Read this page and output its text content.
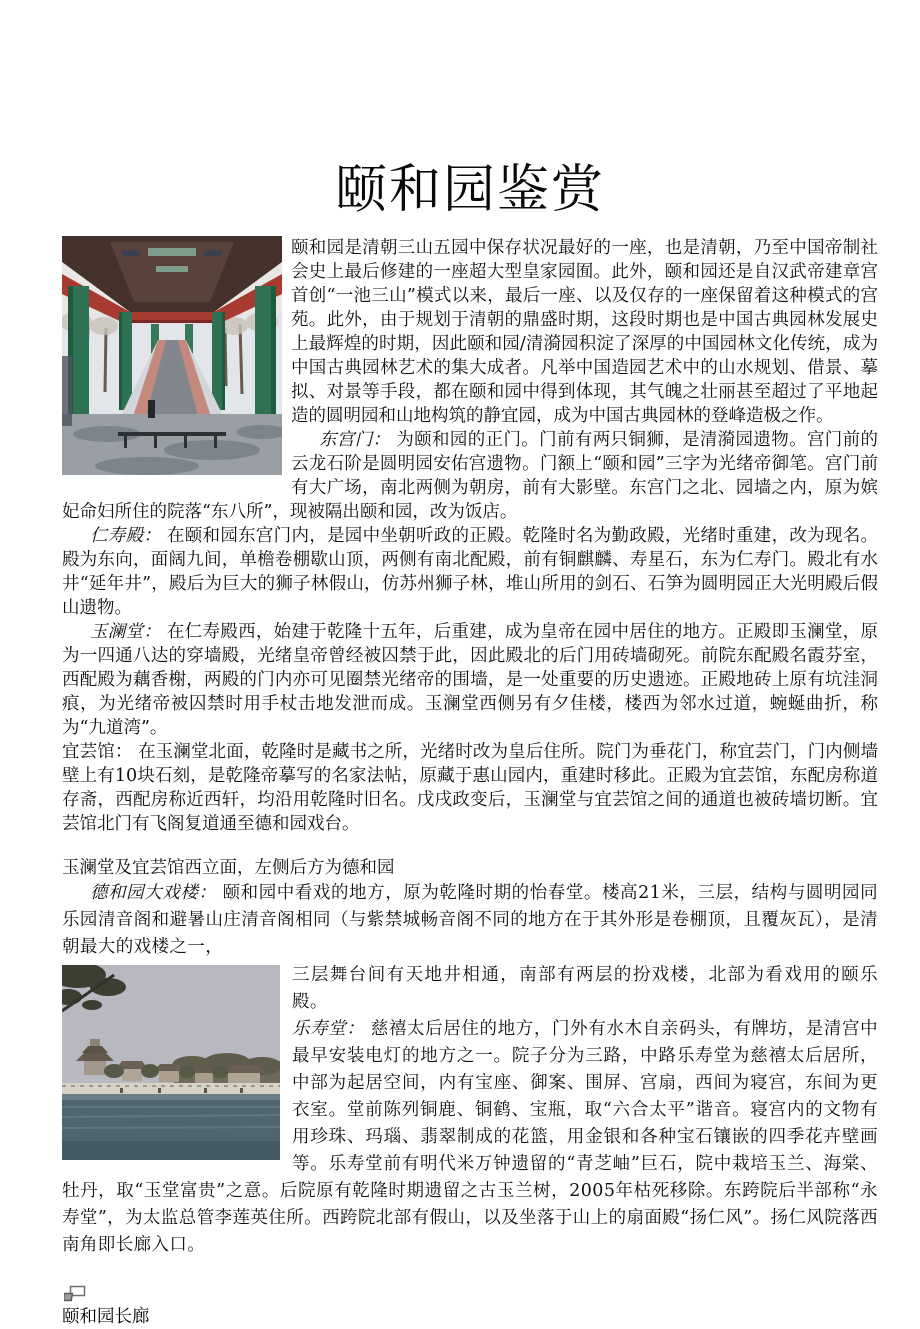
颐和园鉴赏

颐和园是清朝三山五园中保存状况最好的一座，也是清朝，乃至中国帝制社会史上最后修建的一座超大型皇家园囿。此外，颐和园还是自汉武帝建章宫首创“一池三山”模式以来，最后一座、以及仅存的一座保留着这种模式的宫苑。此外，由于规划于清朝的鼎盛时期，这段时期也是中国古典园林发展史上最辉煌的时期，因此颐和园/清漪园积淀了深厚的中国园林文化传统，成为中国古典园林艺术的集大成者。凡举中国造园艺术中的山水规划、借景、摹拟、对景等手段，都在颐和园中得到体现，其气魄之壮丽甚至超过了平地起造的圆明园和山地构筑的静宜园，成为中国古典园林的登峰造极之作。

东宫门： 为颐和园的正门。门前有两只铜狮，是清漪园遗物。宫门前的云龙石阶是圆明园安佑宫遗物。门额上“颐和园”三字为光绪帝御笔。宫门前有大广场，南北两侧为朝房，前有大影壁。东宫门之北、园墙之内，原为嫔妃命妇所住的院落“东八所”，现被隔出颐和园，改为饭店。

仁寿殿： 在颐和园东宫门内，是园中坐朝听政的正殿。乾隆时名为勤政殿，光绪时重建，改为现名。殿为东向，面阔九间，单檐卷棚歇山顶，两侧有南北配殿，前有铜麒麟、寿星石，东为仁寿门。殿北有水井“延年井”，殿后为巨大的狮子林假山，仿苏州狮子林，堆山所用的剑石、石笋为圆明园正大光明殿后假山遗物。

玉澜堂： 在仁寿殿西，始建于乾隆十五年，后重建，成为皇帝在园中居住的地方。正殿即玉澜堂，原为一四通八达的穿墙殿，光绪皇帝曾经被囚禁于此，因此殿北的后门用砖墙砌死。前院东配殿名霞芬室，西配殿为藕香榭，两殿的门内亦可见圈禁光绪帝的围墙，是一处重要的历史遗迹。正殿地砖上原有坑洼洞痕，为光绪帝被囚禁时用手杖击地发泄而成。玉澜堂西侧另有夕佳楼，楼西为邻水过道，蜿蜒曲折，称为“九道湾”。

宜芸馆： 在玉澜堂北面，乾隆时是藏书之所，光绪时改为皇后住所。院门为垂花门，称宜芸门，门内侧墙壁上有10块石刻，是乾隆帝摹写的名家法帖，原藏于惠山园内，重建时移此。正殿为宜芸馆，东配房称道存斋，西配房称近西轩，均沿用乾隆时旧名。戊戌政变后，玉澜堂与宜芸馆之间的通道也被砖墙切断。宜芸馆北门有飞阁复道通至德和园戏台。

玉澜堂及宜芸馆西立面，左侧后方为德和园

德和园大戏楼： 颐和园中看戏的地方，原为乾隆时期的怡春堂。楼高21米，三层，结构与圆明园同乐园清音阁和避暑山庄清音阁相同（与紫禁城畅音阁不同的地方在于其外形是卷棚顶，且覆灰瓦），是清朝最大的戏楼之一，

三层舞台间有天地井相通，南部有两层的扮戏楼，北部为看戏用的颐乐殿。

乐寿堂： 慈禧太后居住的地方，门外有水木自亲码头，有牌坊，是清宫中最早安装电灯的地方之一。院子分为三路，中路乐寿堂为慈禧太后居所，中部为起居空间，内有宝座、御案、围屏、宫扇，西间为寝宫，东间为更衣室。堂前陈列铜鹿、铜鹤、宝瓶，取“六合太平”谐音。寝宫内的文物有用珍珠、玛瑙、翡翠制成的花篮，用金银和各种宝石镶嵌的四季花卉壁画等。乐寿堂前有明代米万钟遗留的“青芝岫”巨石，院中栽培玉兰、海棠、牡丹，取“玉堂富贵”之意。后院原有乾隆时期遗留之古玉兰树，2005年枯死移除。东跨院后半部称“永寿堂”，为太监总管李莲英住所。西跨院北部有假山，以及坐落于山上的扇面殿“扬仁风”。扬仁风院落西南角即长廊入口。

颐和园长廊
